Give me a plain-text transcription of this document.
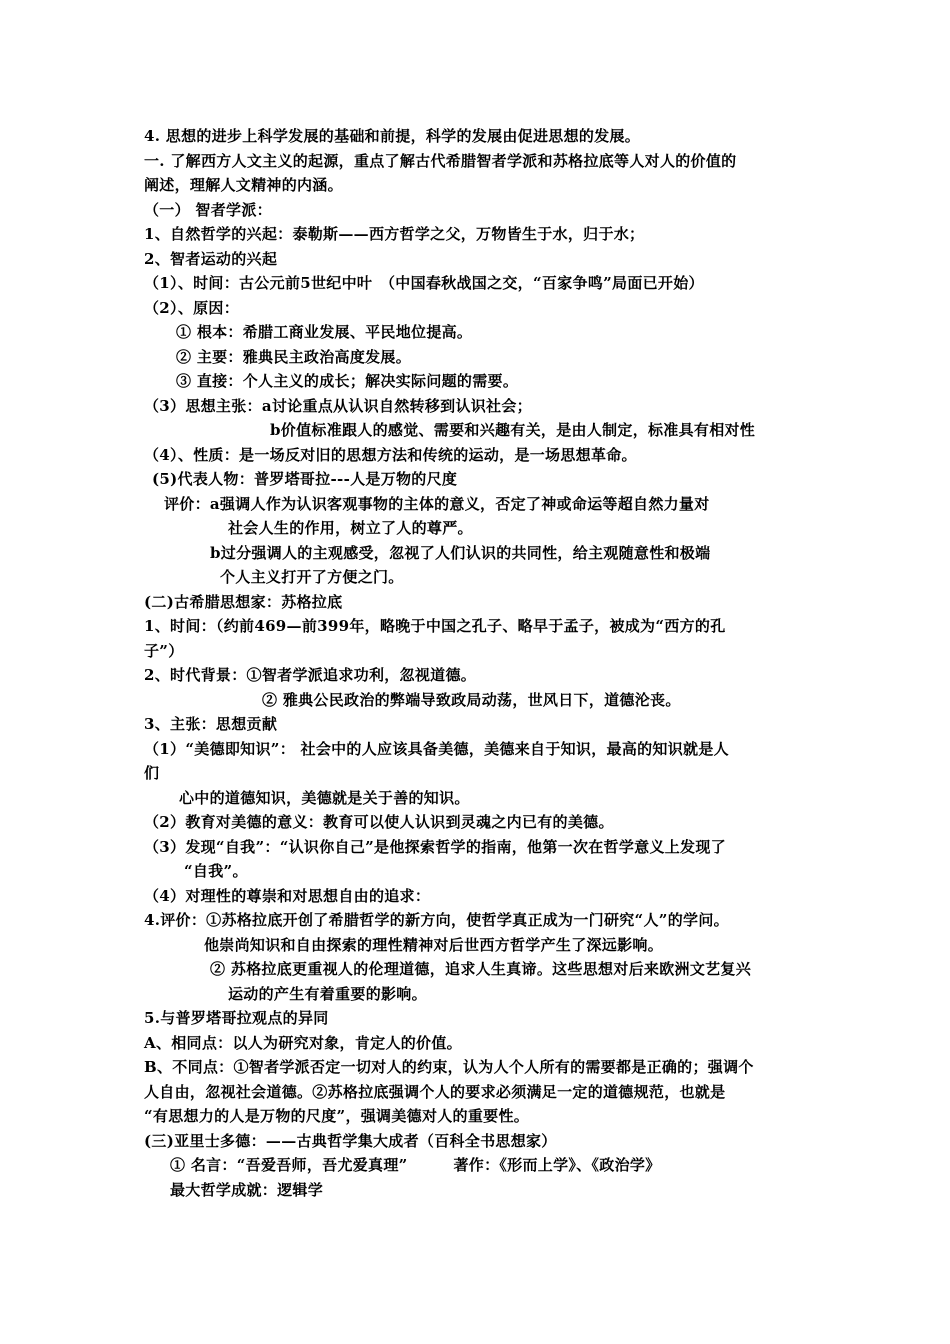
4. 思想的进步上科学发展的基础和前提，科学的发展由促进思想的发展。
一. 了解西方人文主义的起源，重点了解古代希腊智者学派和苏格拉底等人对人的价值的
阐述，理解人文精神的内涵。
（一） 智者学派：
1、自然哲学的兴起：泰勒斯——西方哲学之父，万物皆生于水，归于水；
2、智者运动的兴起
（1）、时间：古公元前5世纪中叶　（中国春秋战国之交，“百家争鸣”局面已开始）
（2）、原因：
① 根本：希腊工商业发展、平民地位提高。
② 主要：雅典民主政治高度发展。
③ 直接：个人主义的成长；解决实际问题的需要。
（3）思想主张：a讨论重点从认识自然转移到认识社会；
b价值标准跟人的感觉、需要和兴趣有关，是由人制定，标准具有相对性
（4）、性质：是一场反对旧的思想方法和传统的运动，是一场思想革命。
(5)代表人物：普罗塔哥拉---人是万物的尺度
评价：a强调人作为认识客观事物的主体的意义，否定了神或命运等超自然力量对
社会人生的作用，树立了人的尊严。
b过分强调人的主观感受，忽视了人们认识的共同性，给主观随意性和极端
个人主义打开了方便之门。
(二)古希腊思想家：苏格拉底
1、时间：（约前469—前399年，略晚于中国之孔子、略早于孟子，被成为“西方的孔
子”）
2、时代背景：①智者学派追求功利，忽视道德。
② 雅典公民政治的弊端导致政局动荡，世风日下，道德沦丧。
3、主张：思想贡献
（1）“美德即知识”： 社会中的人应该具备美德，美德来自于知识，最高的知识就是人
们
心中的道德知识，美德就是关于善的知识。
（2）教育对美德的意义：教育可以使人认识到灵魂之内已有的美德。
（3）发现“自我”：“认识你自己”是他探索哲学的指南，他第一次在哲学意义上发现了
“自我”。
（4）对理性的尊崇和对思想自由的追求：
4.评价：①苏格拉底开创了希腊哲学的新方向，使哲学真正成为一门研究“人”的学问。
他崇尚知识和自由探索的理性精神对后世西方哲学产生了深远影响。
② 苏格拉底更重视人的伦理道德，追求人生真谛。这些思想对后来欧洲文艺复兴
运动的产生有着重要的影响。
5.与普罗塔哥拉观点的异同
A、相同点：以人为研究对象，肯定人的价值。
B、不同点：①智者学派否定一切对人的约束，认为人个人所有的需要都是正确的；强调个
人自由，忽视社会道德。②苏格拉底强调个人的要求必须满足一定的道德规范，也就是
“有思想力的人是万物的尺度”，强调美德对人的重要性。
(三)亚里士多德：——古典哲学集大成者（百科全书思想家）
① 名言：“吾爱吾师，吾尤爱真理”　　　著作：《形而上学》、《政治学》
最大哲学成就：逻辑学
